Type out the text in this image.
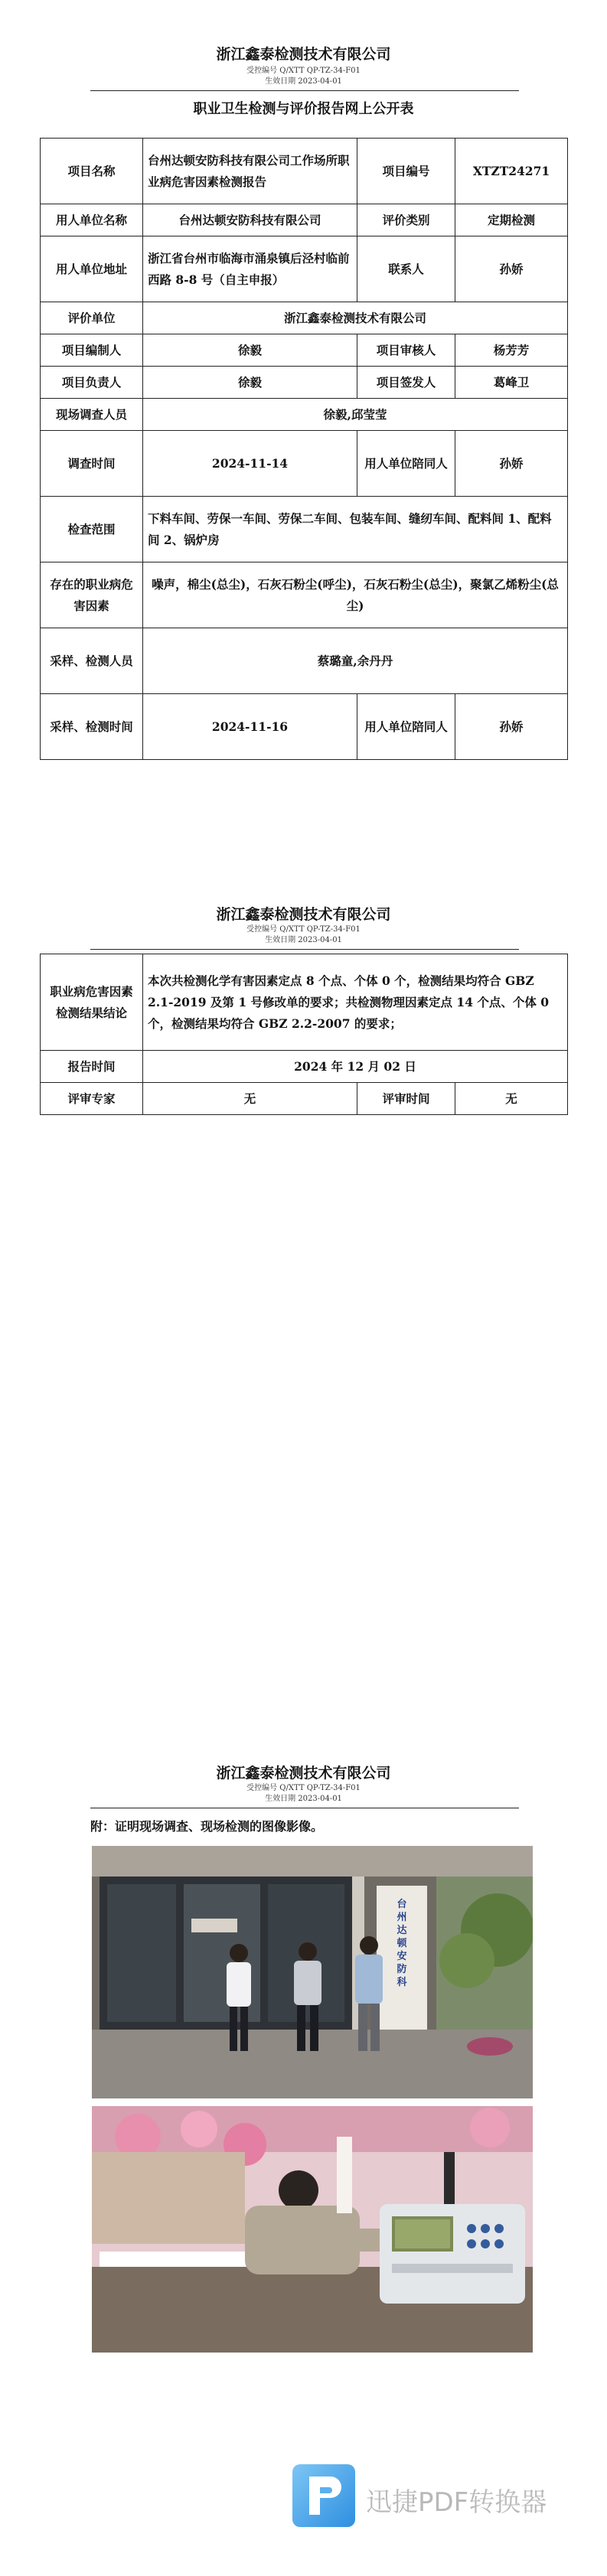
浙江鑫泰检测技术有限公司
受控编号 Q/XTT QP-TZ-34-F01
生效日期 2023-04-01
职业卫生检测与评价报告网上公开表
项目名称	台州达顿安防科技有限公司工作场所职业病危害因素检测报告	项目编号	XTZT24271
用人单位名称	台州达顿安防科技有限公司	评价类别	定期检测
用人单位地址	浙江省台州市临海市涌泉镇后泾村临前西路 8-8 号（自主申报）	联系人	孙娇
评价单位	浙江鑫泰检测技术有限公司		
项目编制人	徐毅	项目审核人	杨芳芳
项目负责人	徐毅	项目签发人	葛峰卫
现场调查人员	徐毅,邱莹莹		
调查时间	2024-11-14	用人单位陪同人	孙娇
检查范围	下料车间、劳保一车间、劳保二车间、包装车间、缝纫车间、配料间 1、配料间 2、锅炉房		
存在的职业病危害因素	噪声，棉尘(总尘)，石灰石粉尘(呼尘)，石灰石粉尘(总尘)，聚氯乙烯粉尘(总尘)		
采样、检测人员	蔡璐童,余丹丹		
采样、检测时间	2024-11-16	用人单位陪同人	孙娇
浙江鑫泰检测技术有限公司
受控编号 Q/XTT QP-TZ-34-F01
生效日期 2023-04-01
职业病危害因素检测结果结论	本次共检测化学有害因素定点 8 个点、个体 0 个，检测结果均符合 GBZ 2.1-2019 及第 1 号修改单的要求；共检测物理因素定点 14 个点、个体 0 个，检测结果均符合 GBZ 2.2-2007 的要求；		
报告时间	2024 年 12 月 02 日		
评审专家	无	评审时间	无
浙江鑫泰检测技术有限公司
受控编号 Q/XTT QP-TZ-34-F01
生效日期 2023-04-01
附：证明现场调查、现场检测的图像影像。
台州达顿安防科
迅捷PDF转换器
